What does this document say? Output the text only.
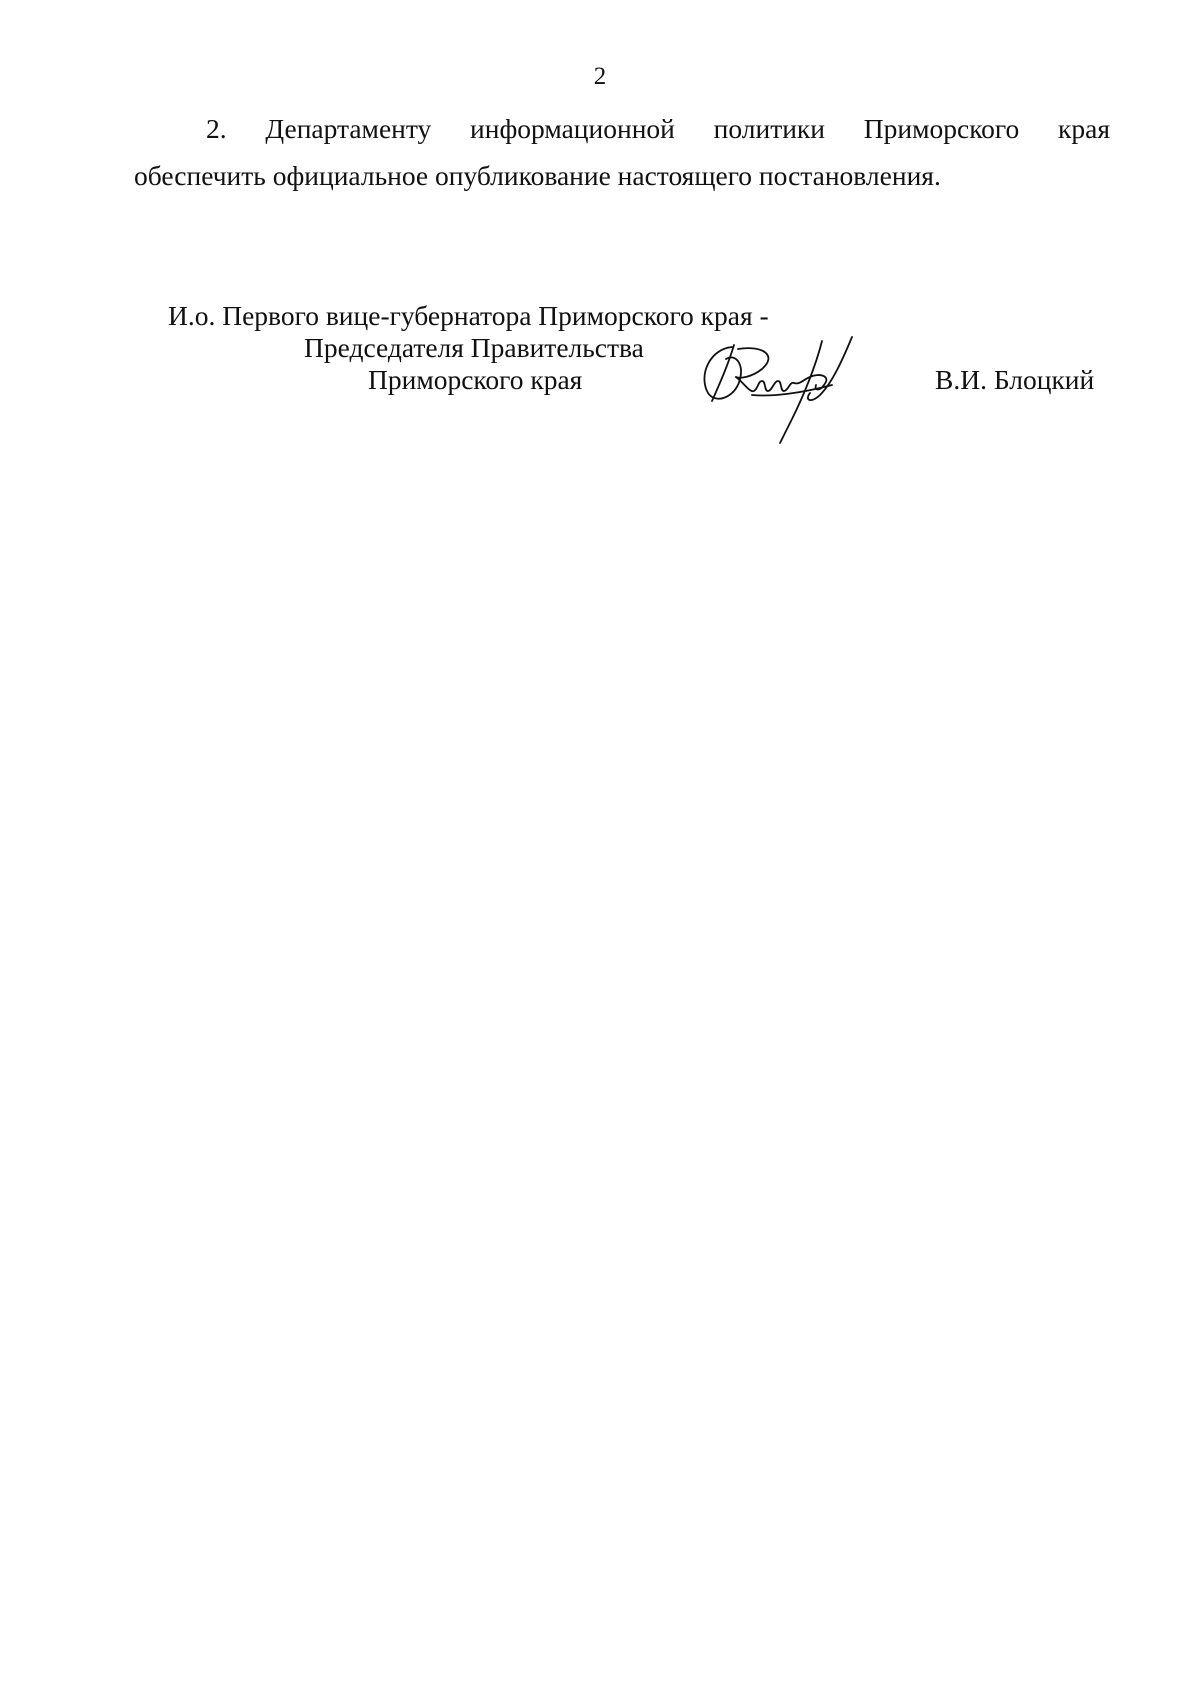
2
2. Департаменту информационной политики Приморского края
обеспечить официальное опубликование настоящего постановления.
И.о. Первого вице-губернатора Приморского края -
Председателя Правительства
Приморского края	В.И. Блоцкий
